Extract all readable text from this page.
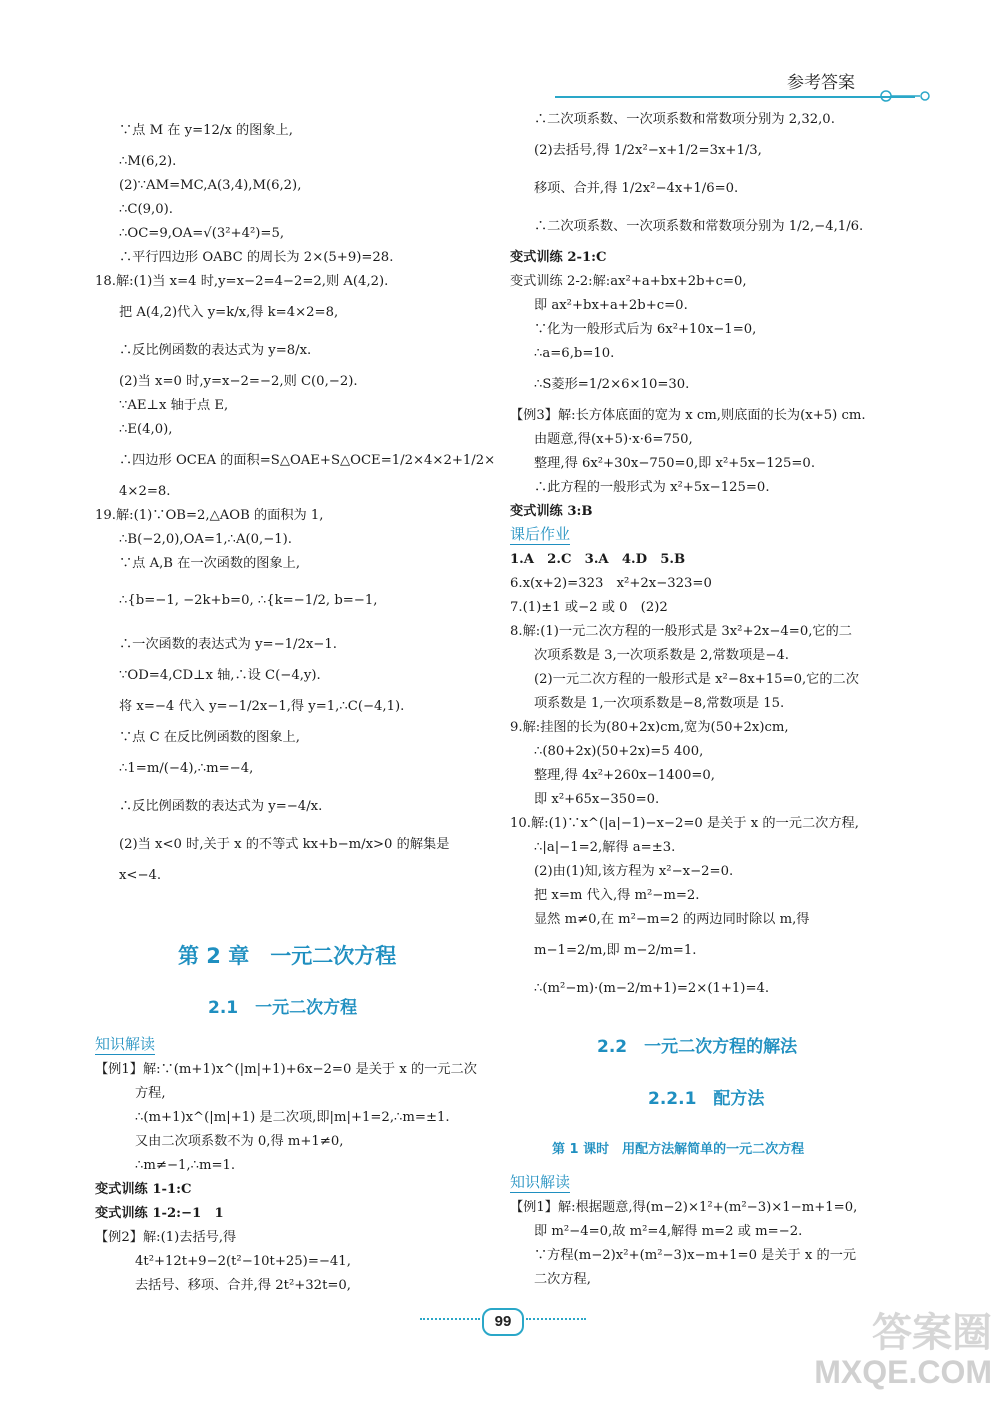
参考答案
∵点 M 在 y=12/x 的图象上,
∴M(6,2).
(2)∵AM=MC,A(3,4),M(6,2),
∴C(9,0).
∴OC=9,OA=√(3²+4²)=5,
∴平行四边形 OABC 的周长为 2×(5+9)=28.
18.解:(1)当 x=4 时,y=x−2=4−2=2,则 A(4,2).
把 A(4,2)代入 y=k/x,得 k=4×2=8,
∴反比例函数的表达式为 y=8/x.
(2)当 x=0 时,y=x−2=−2,则 C(0,−2).
∵AE⊥x 轴于点 E,
∴E(4,0),
∴四边形 OCEA 的面积=S△OAE+S△OCE=1/2×4×2+1/2×
4×2=8.
19.解:(1)∵OB=2,△AOB 的面积为 1,
∴B(−2,0),OA=1,∴A(0,−1).
∵点 A,B 在一次函数的图象上,
∴{b=−1, −2k+b=0, ∴{k=−1/2, b=−1,
∴一次函数的表达式为 y=−1/2x−1.
∵OD=4,CD⊥x 轴,∴设 C(−4,y).
将 x=−4 代入 y=−1/2x−1,得 y=1,∴C(−4,1).
∵点 C 在反比例函数的图象上,
∴1=m/(−4),∴m=−4,
∴反比例函数的表达式为 y=−4/x.
(2)当 x<0 时,关于 x 的不等式 kx+b−m/x>0 的解集是
x<−4.
第 2 章　一元二次方程
2.1　一元二次方程
知识解读
【例1】解:∵(m+1)x^(|m|+1)+6x−2=0 是关于 x 的一元二次
方程,
∴(m+1)x^(|m|+1) 是二次项,即|m|+1=2,∴m=±1.
又由二次项系数不为 0,得 m+1≠0,
∴m≠−1,∴m=1.
变式训练 1-1:C
变式训练 1-2:−1　1
【例2】解:(1)去括号,得
4t²+12t+9−2(t²−10t+25)=−41,
去括号、移项、合并,得 2t²+32t=0,
∴二次项系数、一次项系数和常数项分别为 2,32,0.
(2)去括号,得 1/2x²−x+1/2=3x+1/3,
移项、合并,得 1/2x²−4x+1/6=0.
∴二次项系数、一次项系数和常数项分别为 1/2,−4,1/6.
变式训练 2-1:C
变式训练 2-2:解:ax²+a+bx+2b+c=0,
即 ax²+bx+a+2b+c=0.
∵化为一般形式后为 6x²+10x−1=0,
∴a=6,b=10.
∴S菱形=1/2×6×10=30.
【例3】解:长方体底面的宽为 x cm,则底面的长为(x+5) cm.
由题意,得(x+5)·x·6=750,
整理,得 6x²+30x−750=0,即 x²+5x−125=0.
∴此方程的一般形式为 x²+5x−125=0.
变式训练 3:B
课后作业
1.A　2.C　3.A　4.D　5.B
6.x(x+2)=323　x²+2x−323=0
7.(1)±1 或−2 或 0　(2)2
8.解:(1)一元二次方程的一般形式是 3x²+2x−4=0,它的二
次项系数是 3,一次项系数是 2,常数项是−4.
(2)一元二次方程的一般形式是 x²−8x+15=0,它的二次
项系数是 1,一次项系数是−8,常数项是 15.
9.解:挂图的长为(80+2x)cm,宽为(50+2x)cm,
∴(80+2x)(50+2x)=5 400,
整理,得 4x²+260x−1400=0,
即 x²+65x−350=0.
10.解:(1)∵x^(|a|−1)−x−2=0 是关于 x 的一元二次方程,
∴|a|−1=2,解得 a=±3.
(2)由(1)知,该方程为 x²−x−2=0.
把 x=m 代入,得 m²−m=2.
显然 m≠0,在 m²−m=2 的两边同时除以 m,得
m−1=2/m,即 m−2/m=1.
∴(m²−m)·(m−2/m+1)=2×(1+1)=4.
2.2　一元二次方程的解法
2.2.1　配方法
第 1 课时　用配方法解简单的一元二次方程
知识解读
【例1】解:根据题意,得(m−2)×1²+(m²−3)×1−m+1=0,
即 m²−4=0,故 m²=4,解得 m=2 或 m=−2.
∵方程(m−2)x²+(m²−3)x−m+1=0 是关于 x 的一元
二次方程,
99	答案圈
MXQE.COM
